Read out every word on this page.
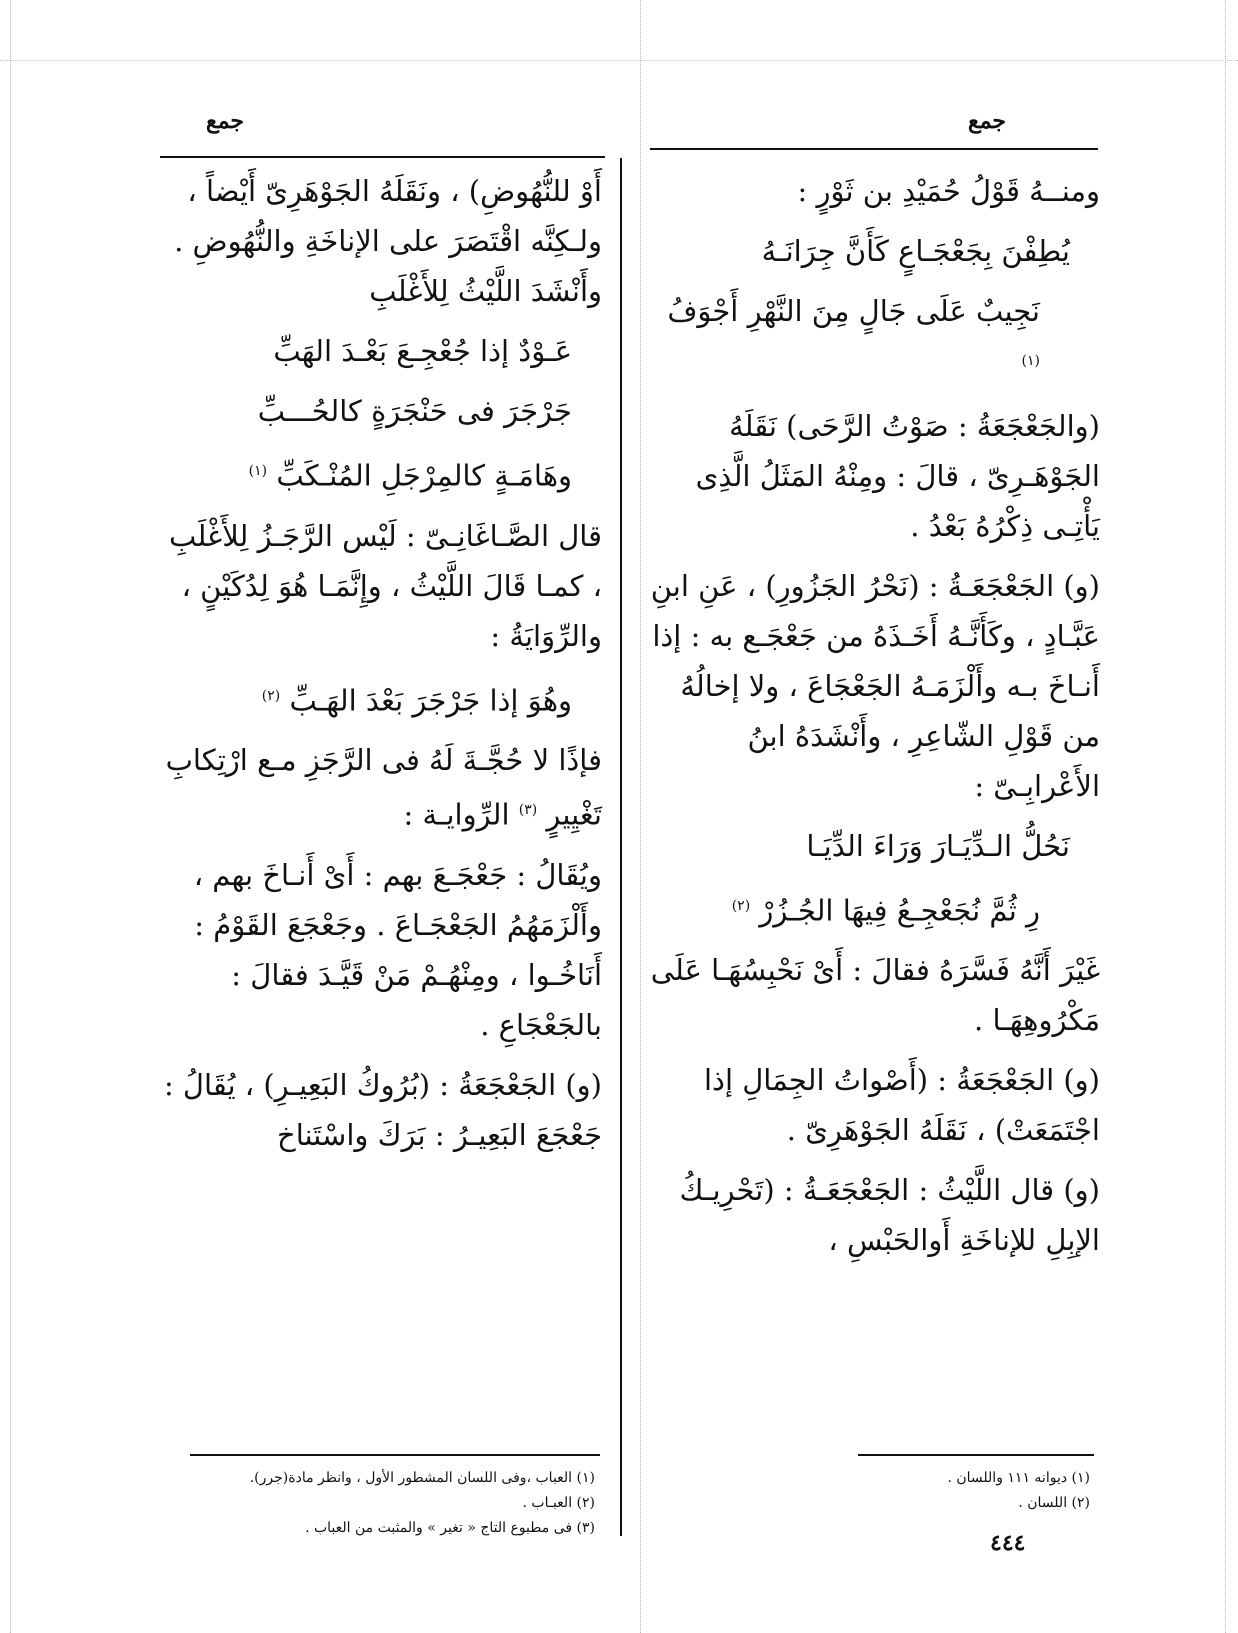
جمع
جمع

ومنــهُ قَوْلُ حُمَيْدِ بن ثَوْرٍ :

يُطِفْنَ بِجَعْجَـاعٍ كَأَنَّ جِرَانَـهُ
نَجِيبٌ عَلَى جَالٍ مِنَ النَّهْرِ أَجْوَفُ $^{(١)}$

(والجَعْجَعَةُ : صَوْتُ الرَّحَى) نَقَلَهُ الجَوْهَـرِىّ ، قالَ : ومِنْهُ المَثَلُ الَّذِى يَأْتِـى ذِكْرُهُ بَعْدُ .

(و) الجَعْجَعَـةُ : (نَحْرُ الجَزُورِ) ، عَنِ ابنِ عَبَّـادٍ ، وكَأَنَّـهُ أَخَـذَهُ من جَعْجَـع به : إذا أَنـاخَ بـه وأَلْزَمَـهُ الجَعْجَاعَ ، ولا إخالُهُ من قَوْلِ الشّاعِرِ ، وأَنْشَدَهُ ابنُ الأَعْرابِـىّ :

نَحُلُّ الـدِّيَـارَ وَرَاءَ الدِّيَـا
رِ ثُمَّ نُجَعْجِـعُ فِيهَا الجُـزُرْ $^{(٢)}$

غَيْرَ أَنَّهُ فَسَّرَهُ فقالَ : أَىْ نَحْبِسُهَـا عَلَى مَكْرُوهِهَـا .

(و) الجَعْجَعَةُ : (أَصْواتُ الجِمَالِ إذا اجْتَمَعَتْ) ، نَقَلَهُ الجَوْهَرِىّ .

(و) قال اللَّيْثُ : الجَعْجَعَـةُ : (تَحْرِيـكُ الإبِلِ للإناخَةِ أَوالحَبْسِ ،

أَوْ للنُّهُوضِ) ، ونَقَلَهُ الجَوْهَرِىّ أَيْضاً ، ولـكِنَّه اقْتَصَرَ على الإناخَةِ والنُّهُوضِ . وأَنْشَدَ اللَّيْثُ لِلأَغْلَبِ

عَـوْدٌ إذا جُعْجِـعَ بَعْـدَ الهَبِّ
جَرْجَرَ فى حَنْجَرَةٍ كالحُـــبِّ
وهَامَـةٍ كالمِرْجَلِ المُنْـكَبِّ $^{(١)}$

قال الصَّـاغَانِـىّ : لَيْس الرَّجَـزُ لِلأَغْلَبِ ، كمـا قَالَ اللَّيْثُ ، وإِنَّمَـا هُوَ لِدُكَيْنٍ ، والرِّوَايَةُ :

وهُوَ إذا جَرْجَرَ بَعْدَ الهَـبِّ $^{(٢)}$

فإذًا لا حُجَّـةَ لَهُ فى الرَّجَزِ مـع ارْتِكابِ تَغْيِيرٍ $^{(٣)}$ الرِّوايـة :

ويُقَالُ : جَعْجَـعَ بهم : أَىْ أَنـاخَ بهم ، وأَلْزَمَهُمُ الجَعْجَـاعَ . وجَعْجَعَ القَوْمُ : أَنَاخُـوا ، ومِنْهُـمْ مَنْ قَيَّـدَ فقالَ : بالجَعْجَاعِ .

(و) الجَعْجَعَةُ : (بُرُوكُ البَعِيـرِ) ، يُقَالُ : جَعْجَعَ البَعِيـرُ : بَرَكَ واسْتَناخ

(١) ديوانه ١١١ واللسان .
(٢) اللسان .
(١) العباب ،وفى اللسان المشطور الأول ، وانظر مادة(جرر).
(٢) العبـاب .
(٣) فى مطبوع التاج « تغير » والمثبت من العباب .
٤٤٤
